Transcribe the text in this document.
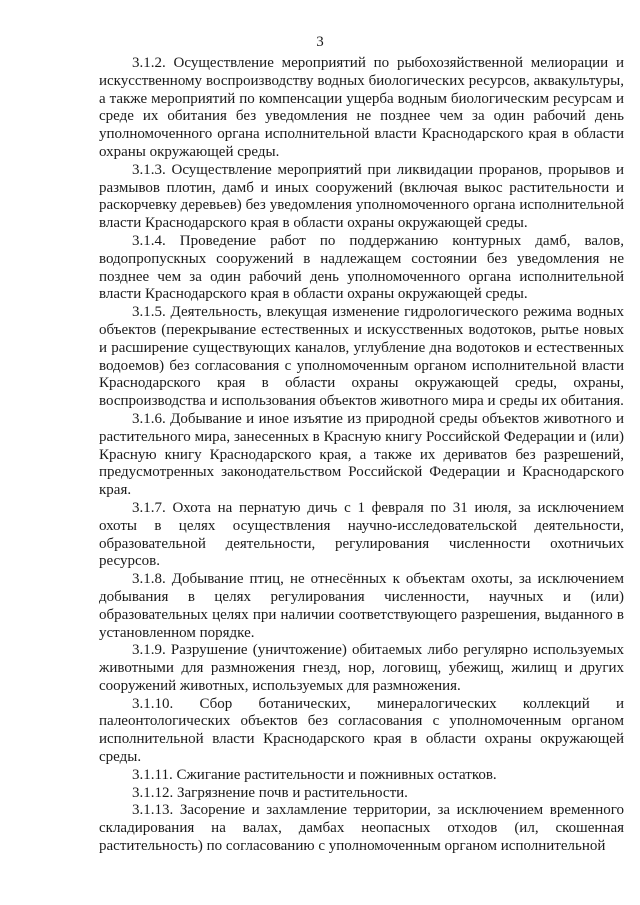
3

3.1.2. Осуществление мероприятий по рыбохозяйственной мелиорации и искусственному воспроизводству водных биологических ресурсов, аквакультуры, а также мероприятий по компенсации ущерба водным биологическим ресурсам и среде их обитания без уведомления не позднее чем за один рабочий день уполномоченного органа исполнительной власти Краснодарского края в области охраны окружающей среды.

3.1.3. Осуществление мероприятий при ликвидации проранов, прорывов и размывов плотин, дамб и иных сооружений (включая выкос растительности и раскорчевку деревьев) без уведомления уполномоченного органа исполнительной власти Краснодарского края в области охраны окружающей среды.

3.1.4. Проведение работ по поддержанию контурных дамб, валов, водопропускных сооружений в надлежащем состоянии без уведомления не позднее чем за один рабочий день уполномоченного органа исполнительной власти Краснодарского края в области охраны окружающей среды.

3.1.5. Деятельность, влекущая изменение гидрологического режима водных объектов (перекрывание естественных и искусственных водотоков, рытье новых и расширение существующих каналов, углубление дна водотоков и естественных водоемов) без согласования с уполномоченным органом исполнительной власти Краснодарского края в области охраны окружающей среды, охраны, воспроизводства и использования объектов животного мира и среды их обитания.

3.1.6. Добывание и иное изъятие из природной среды объектов животного и растительного мира, занесенных в Красную книгу Российской Федерации и (или) Красную книгу Краснодарского края, а также их дериватов без разрешений, предусмотренных законодательством Российской Федерации и Краснодарского края.

3.1.7. Охота на пернатую дичь с 1 февраля по 31 июля, за исключением охоты в целях осуществления научно-исследовательской деятельности, образовательной деятельности, регулирования численности охотничьих ресурсов.

3.1.8. Добывание птиц, не отнесённых к объектам охоты, за исключением добывания в целях регулирования численности, научных и (или) образовательных целях при наличии соответствующего разрешения, выданного в установленном порядке.

3.1.9. Разрушение (уничтожение) обитаемых либо регулярно используемых животными для размножения гнезд, нор, логовищ, убежищ, жилищ и других сооружений животных, используемых для размножения.

3.1.10. Сбор ботанических, минералогических коллекций и палеонтологических объектов без согласования с уполномоченным органом исполнительной власти Краснодарского края в области охраны окружающей среды.

3.1.11. Сжигание растительности и пожнивных остатков.

3.1.12. Загрязнение почв и растительности.

3.1.13. Засорение и захламление территории, за исключением временного складирования на валах, дамбах неопасных отходов (ил, скошенная растительность) по согласованию с уполномоченным органом исполнительной
